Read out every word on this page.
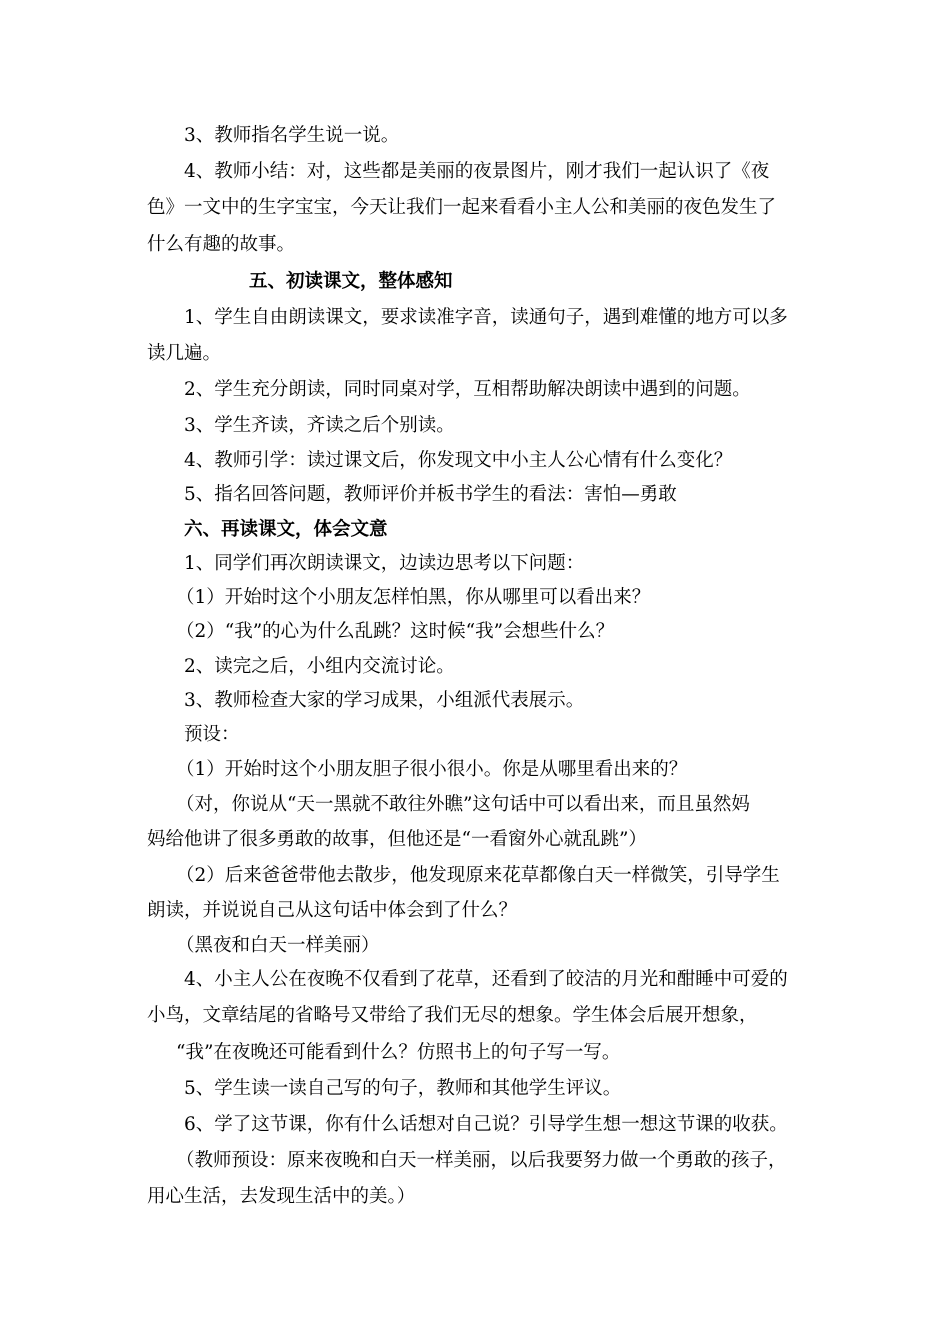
3、教师指名学生说一说。
4、教师小结：对，这些都是美丽的夜景图片，刚才我们一起认识了《夜
色》一文中的生字宝宝，今天让我们一起来看看小主人公和美丽的夜色发生了
什么有趣的故事。
五、初读课文，整体感知
1、学生自由朗读课文，要求读准字音，读通句子，遇到难懂的地方可以多
读几遍。
2、学生充分朗读，同时同桌对学，互相帮助解决朗读中遇到的问题。
3、学生齐读，齐读之后个别读。
4、教师引学：读过课文后，你发现文中小主人公心情有什么变化？
5、指名回答问题，教师评价并板书学生的看法：害怕—勇敢
六、再读课文，体会文意
1、同学们再次朗读课文，边读边思考以下问题：
（1）开始时这个小朋友怎样怕黑，你从哪里可以看出来？
（2）“我”的心为什么乱跳？这时候“我”会想些什么？
2、读完之后，小组内交流讨论。
3、教师检查大家的学习成果，小组派代表展示。
预设：
（1）开始时这个小朋友胆子很小很小。你是从哪里看出来的？
（对，你说从“天一黑就不敢往外瞧”这句话中可以看出来，而且虽然妈
妈给他讲了很多勇敢的故事，但他还是“一看窗外心就乱跳”）
（2）后来爸爸带他去散步，他发现原来花草都像白天一样微笑，引导学生
朗读，并说说自己从这句话中体会到了什么？
（黑夜和白天一样美丽）
4、小主人公在夜晚不仅看到了花草，还看到了皎洁的月光和酣睡中可爱的
小鸟，文章结尾的省略号又带给了我们无尽的想象。学生体会后展开想象，
“我”在夜晚还可能看到什么？仿照书上的句子写一写。
5、学生读一读自己写的句子，教师和其他学生评议。
6、学了这节课，你有什么话想对自己说？引导学生想一想这节课的收获。
（教师预设：原来夜晚和白天一样美丽，以后我要努力做一个勇敢的孩子，
用心生活，去发现生活中的美。）
